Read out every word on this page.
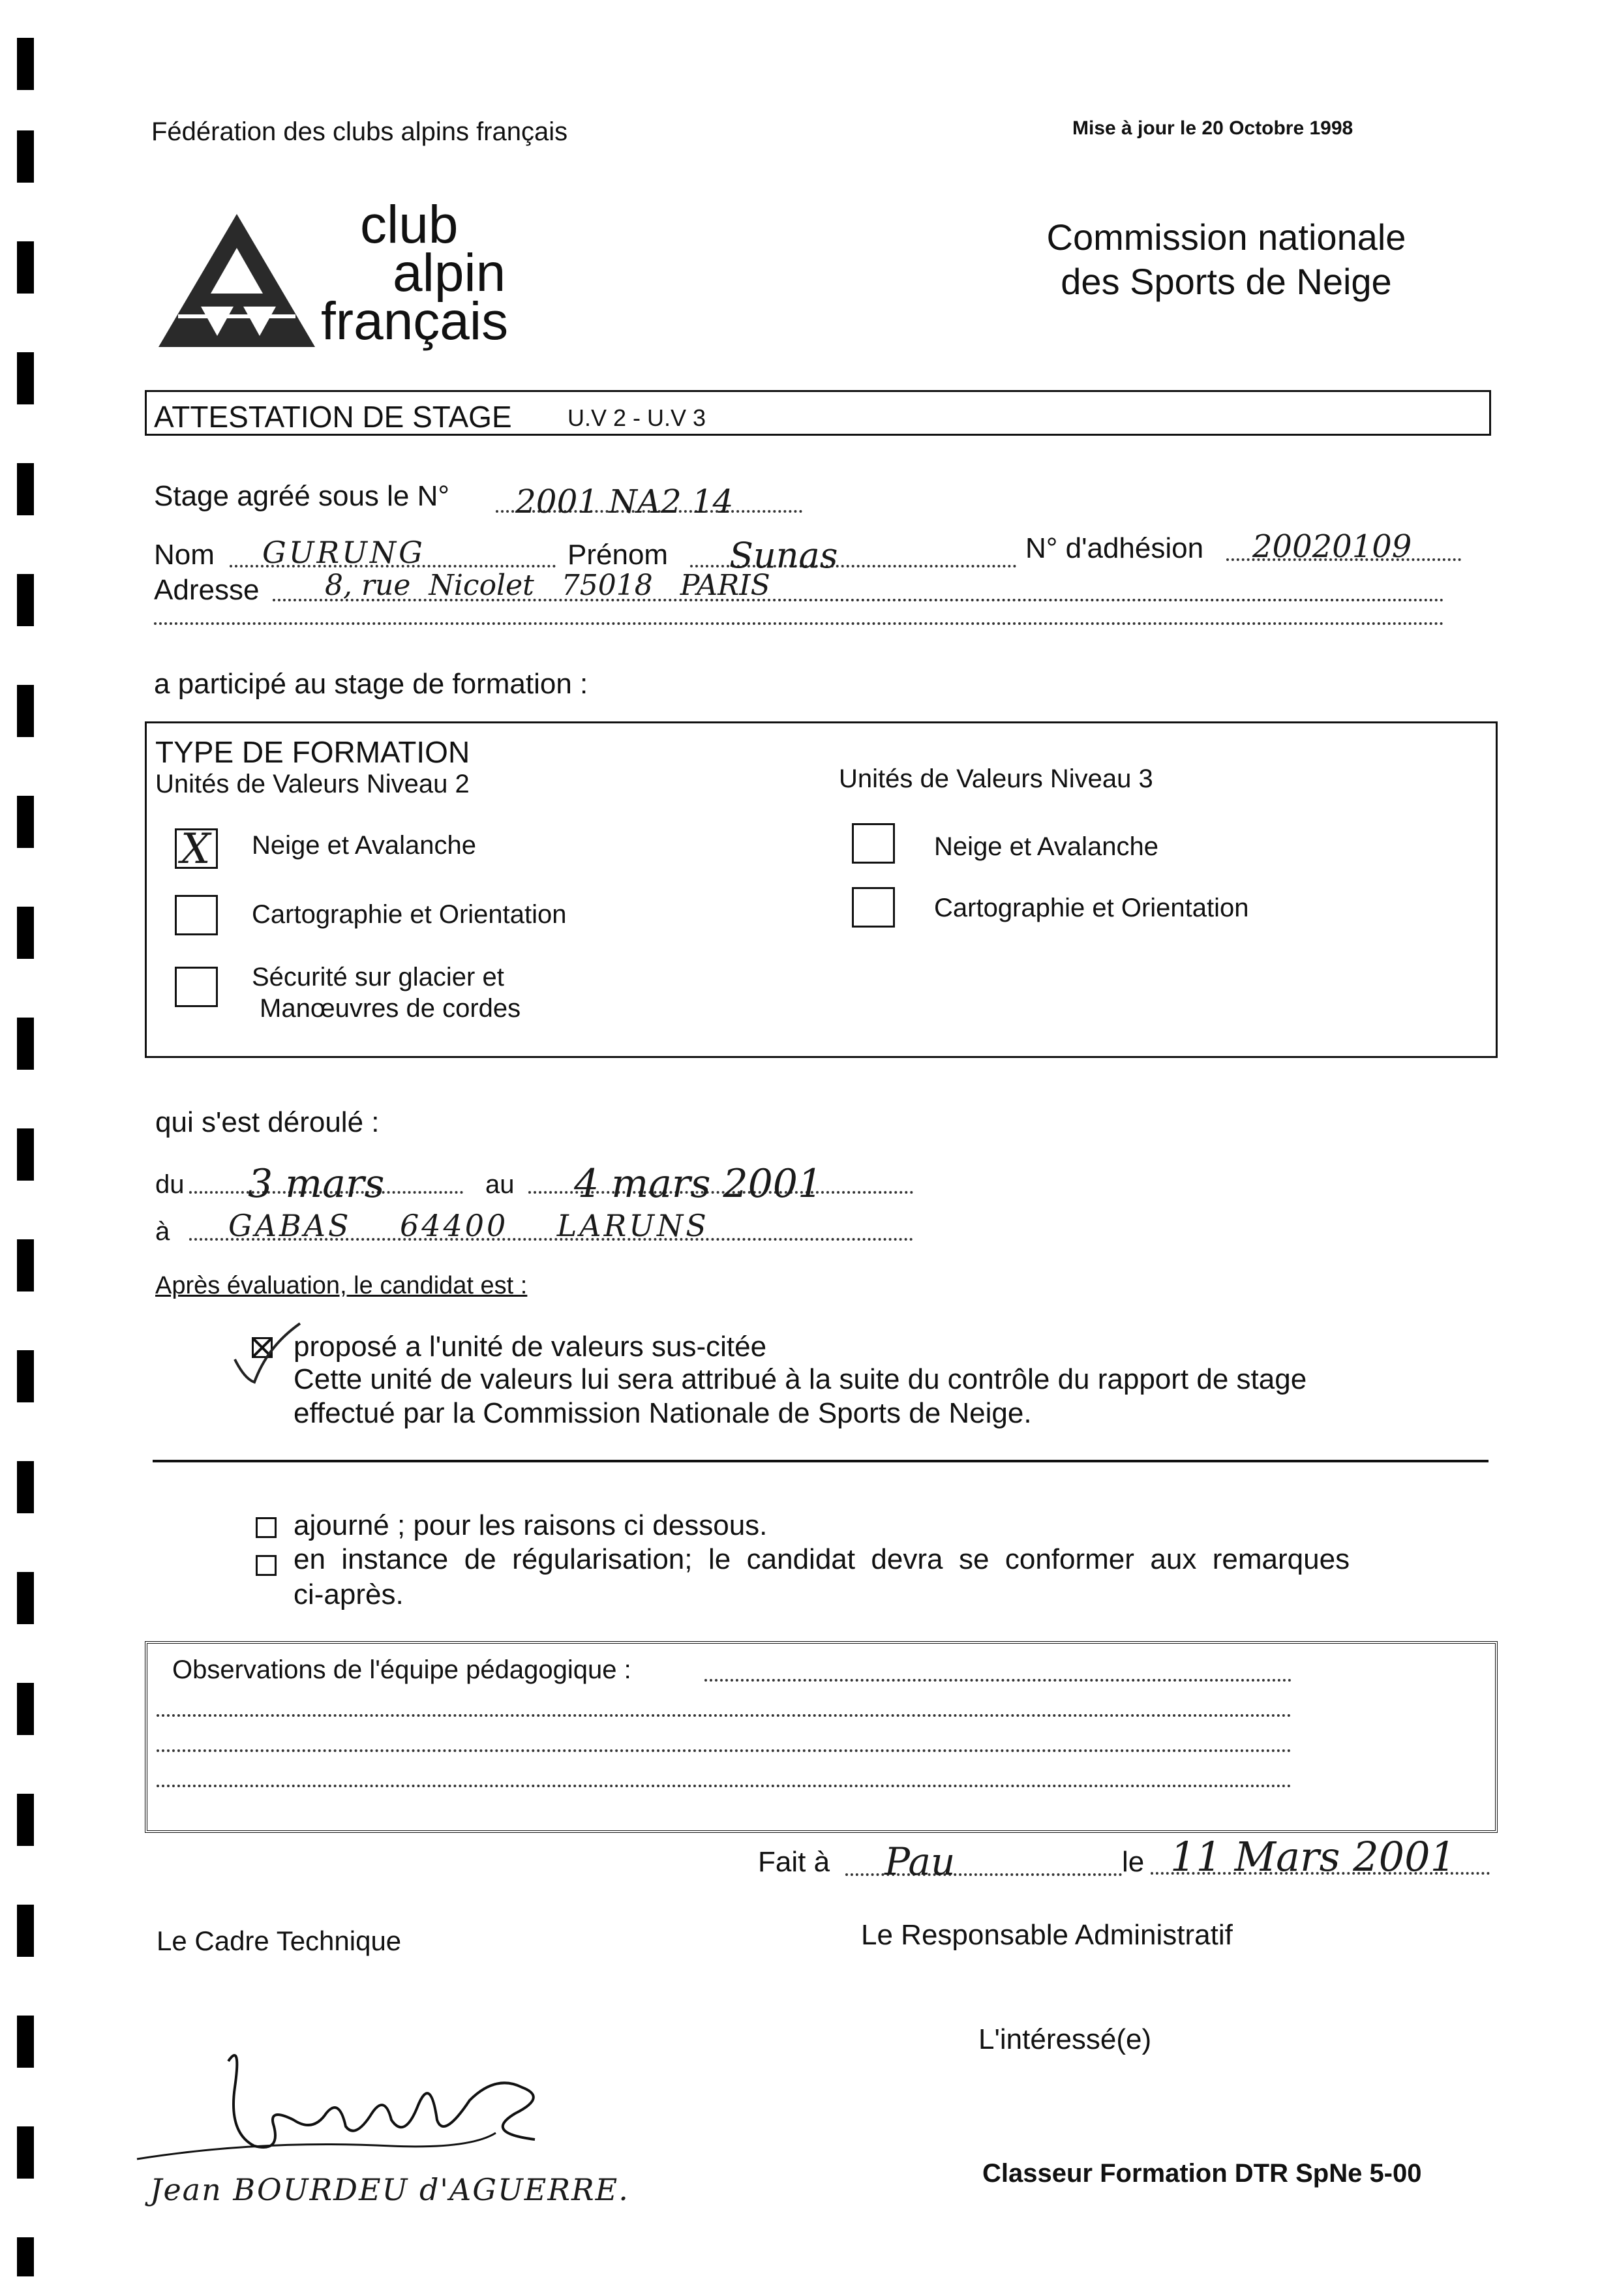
Fédération des clubs alpins français	Mise à jour le 20 Octobre 1998
club
alpin
français
Commission nationale
des Sports de Neige
ATTESTATION DE STAGE U.V 2 - U.V 3
Stage agréé sous le N°	2001 NA2 14
Nom	GURUNG	Prénom	Sunas	N° d'adhésion	20020109
Adresse	8, rue  Nicolet   75018   PARIS
a participé au stage de formation :
TYPE DE FORMATION
Unités de Valeurs Niveau 2	Unités de Valeurs Niveau 3
X Neige et Avalanche
Cartographie et Orientation
Sécurité sur glacier et
Manœuvres de cordes
Neige et Avalanche
Cartographie et Orientation
qui s'est déroulé :
du	3 mars	au	4 mars 2001
à	GABAS    64400    LARUNS
Après évaluation, le candidat est :
proposé a l'unité de valeurs sus-citée
Cette unité de valeurs lui sera attribué à la suite du contrôle du rapport de stage
effectué par la Commission Nationale de Sports de Neige.
ajourné ; pour les raisons ci dessous.
en  instance  de  régularisation;  le  candidat  devra  se  conformer  aux  remarques
ci-après.
Observations de l'équipe pédagogique :
Fait à	Pau	le 11 Mars 2001
Le Cadre Technique	Le Responsable Administratif
L'intéressé(e)
Jean BOURDEU d'AGUERRE.	Classeur Formation DTR SpNe 5-00
